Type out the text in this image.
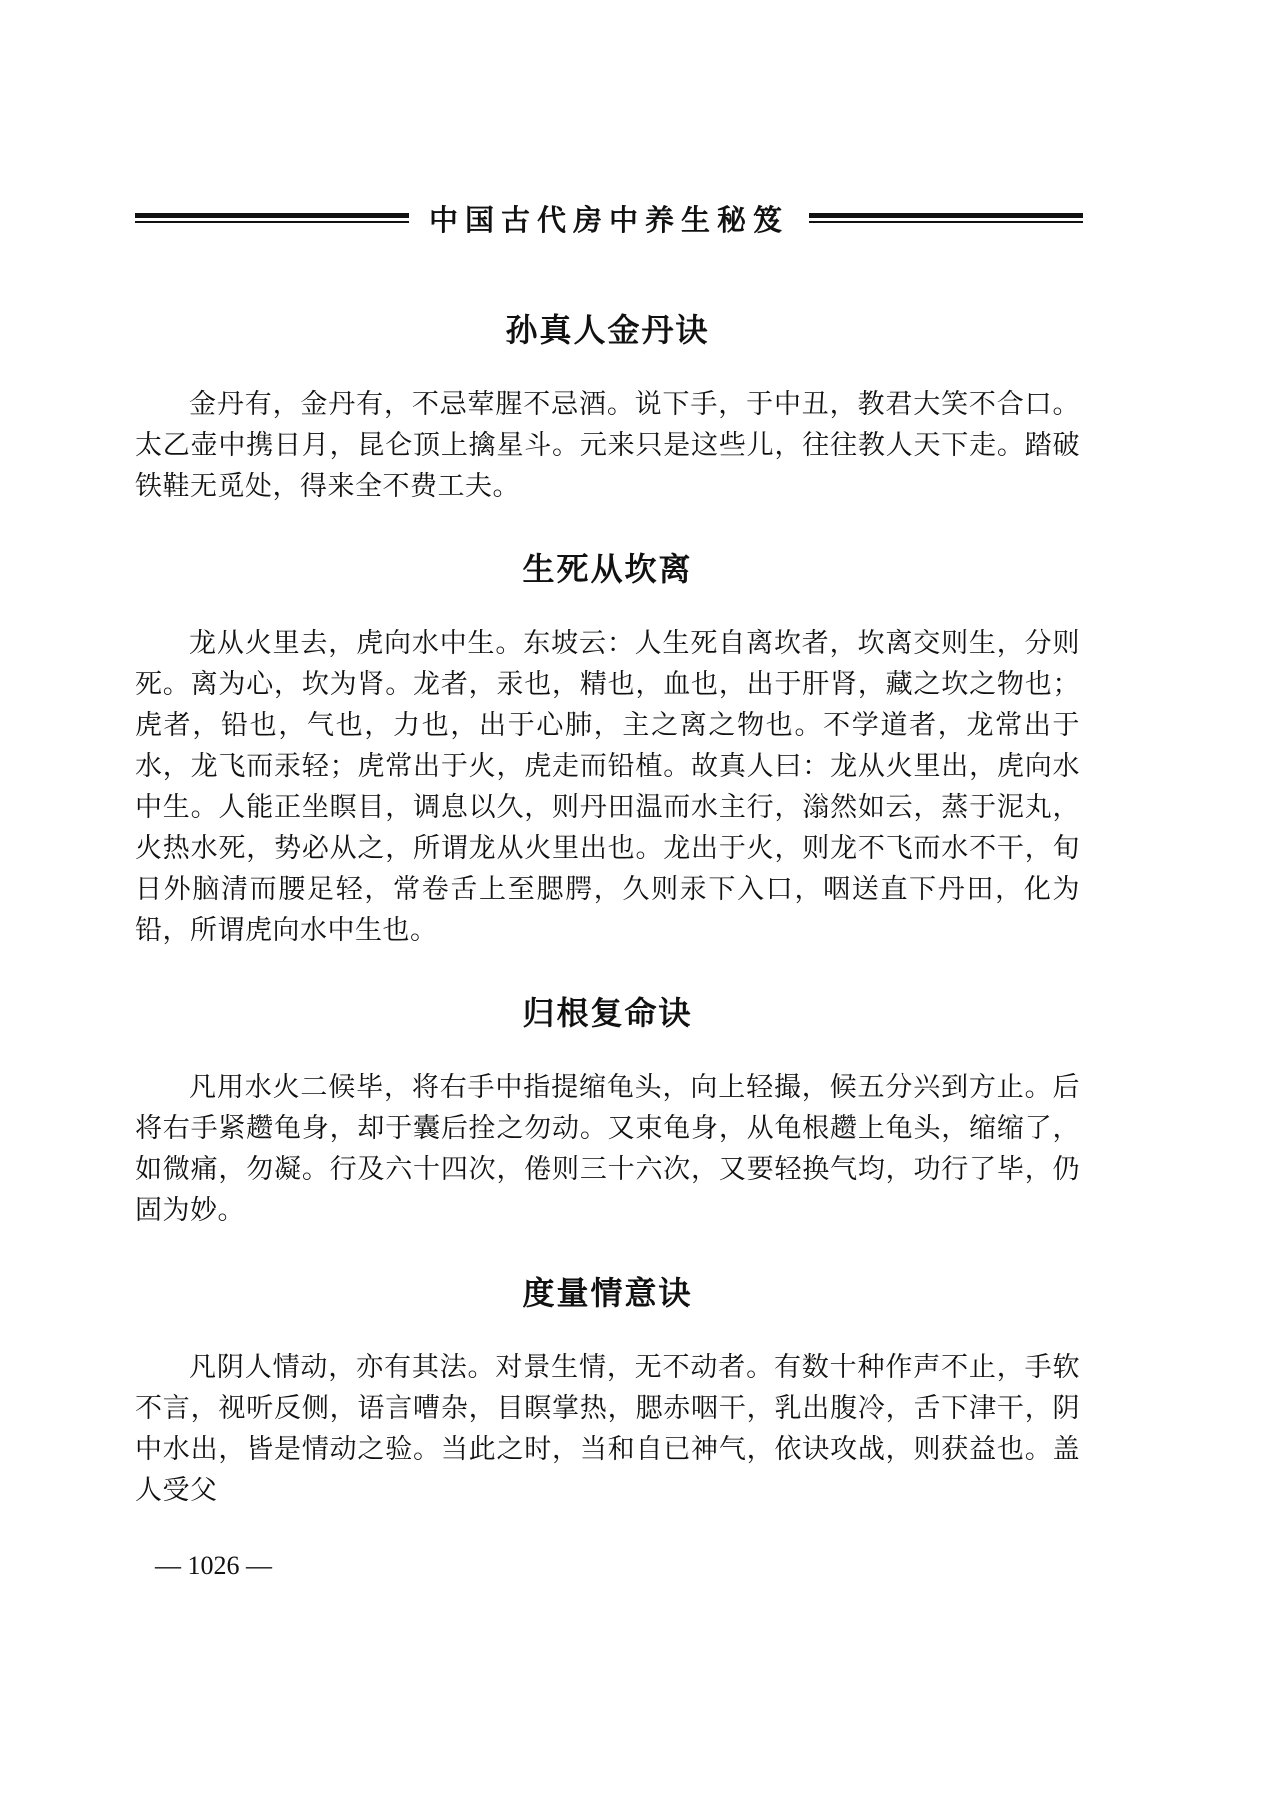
中国古代房中养生秘笈
孙真人金丹诀

金丹有，金丹有，不忌荤腥不忌酒。说下手，于中丑，教君大笑不合口。太乙壶中携日月，昆仑顶上擒星斗。元来只是这些儿，往往教人天下走。踏破铁鞋无觅处，得来全不费工夫。

生死从坎离

龙从火里去，虎向水中生。东坡云：人生死自离坎者，坎离交则生，分则死。离为心，坎为肾。龙者，汞也，精也，血也，出于肝肾，藏之坎之物也；虎者，铅也，气也，力也，出于心肺，主之离之物也。不学道者，龙常出于水，龙飞而汞轻；虎常出于火，虎走而铅植。故真人曰：龙从火里出，虎向水中生。人能正坐瞑目，调息以久，则丹田温而水主行，滃然如云，蒸于泥丸，火热水死，势必从之，所谓龙从火里出也。龙出于火，则龙不飞而水不干，旬日外脑清而腰足轻，常卷舌上至腮腭，久则汞下入口，咽送直下丹田，化为铅，所谓虎向水中生也。

归根复命诀

凡用水火二候毕，将右手中指提缩龟头，向上轻撮，候五分兴到方止。后将右手紧趱龟身，却于囊后拴之勿动。又束龟身，从龟根趱上龟头，缩缩了，如微痛，勿凝。行及六十四次，倦则三十六次，又要轻换气均，功行了毕，仍固为妙。

度量情意诀

凡阴人情动，亦有其法。对景生情，无不动者。有数十种作声不止，手软不言，视听反侧，语言嘈杂，目瞑掌热，腮赤咽干，乳出腹冷，舌下津干，阴中水出，皆是情动之验。当此之时，当和自已神气，依诀攻战，则获益也。盖人受父

— 1026 —
